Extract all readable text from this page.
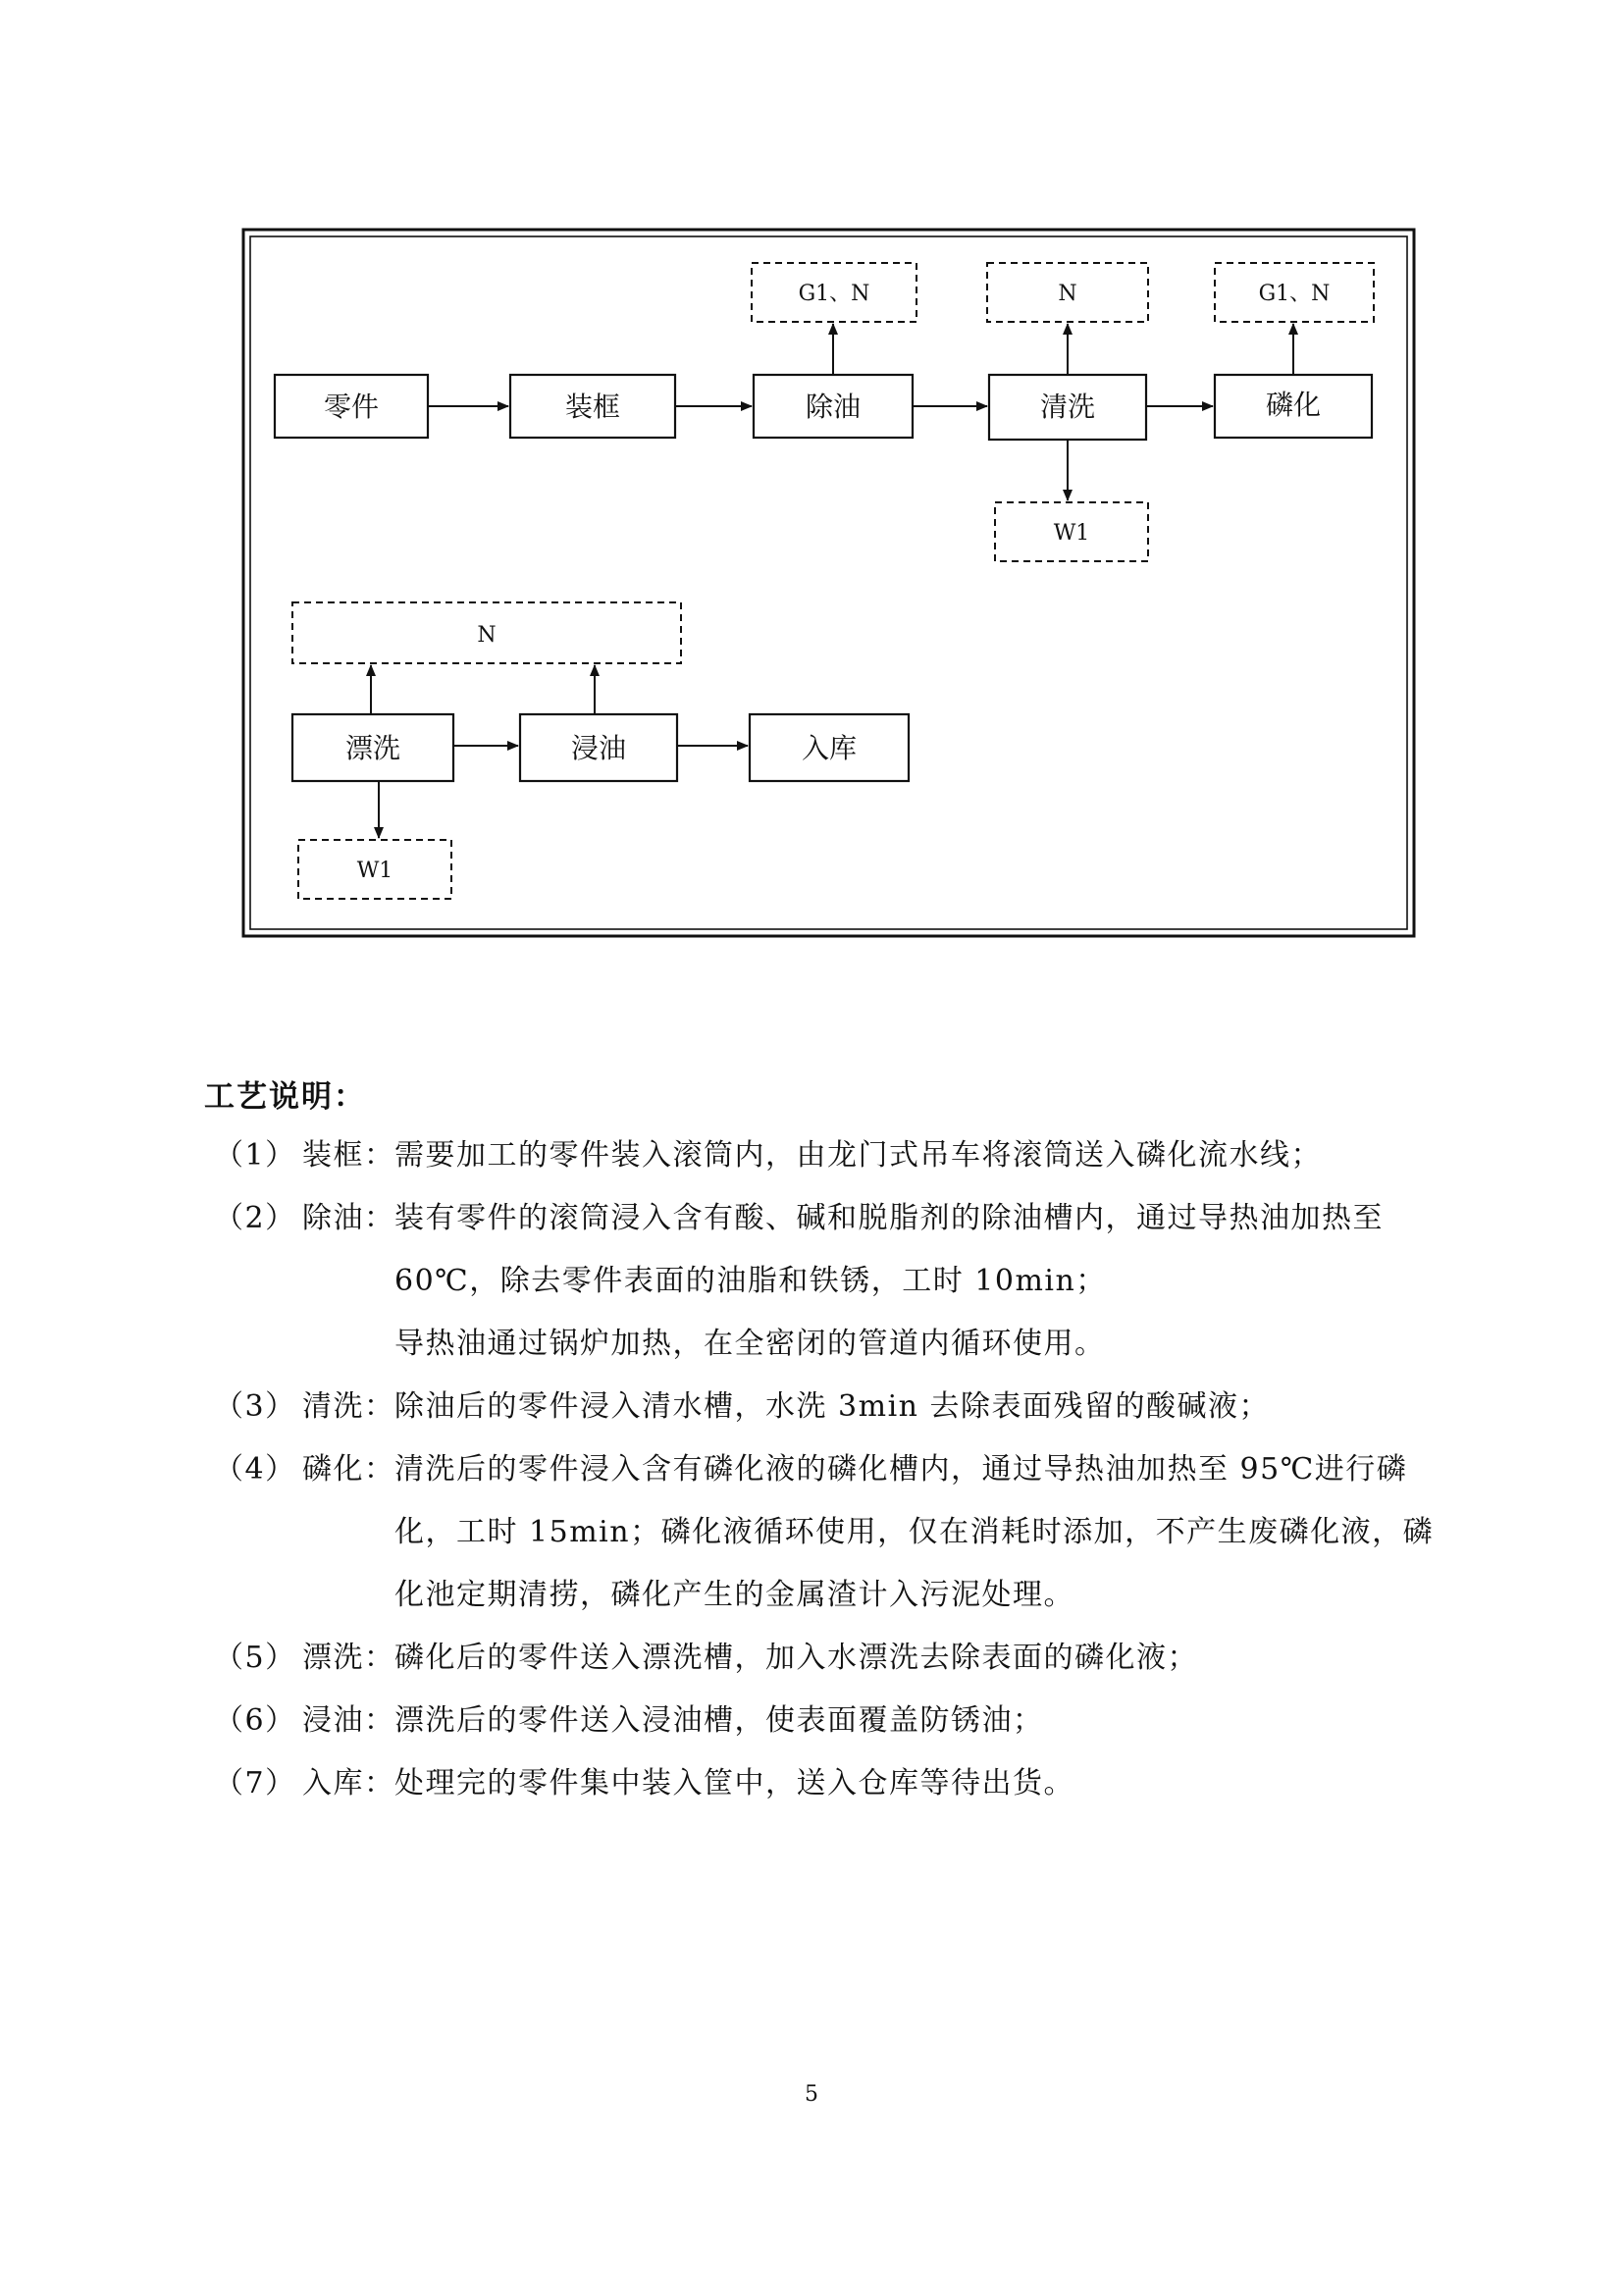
零件	装框	除油	清洗	磷化
G1、N	N	G1、N
W1
N
漂洗	浸油	入库
W1
工艺说明：
（1） 装框： 需要加工的零件装入滚筒内，由龙门式吊车将滚筒送入磷化流水线；
（2） 除油： 装有零件的滚筒浸入含有酸、碱和脱脂剂的除油槽内，通过导热油加热至
60℃，除去零件表面的油脂和铁锈，工时 10min；
导热油通过锅炉加热，在全密闭的管道内循环使用。
（3） 清洗： 除油后的零件浸入清水槽，水洗 3min 去除表面残留的酸碱液；
（4） 磷化： 清洗后的零件浸入含有磷化液的磷化槽内，通过导热油加热至 95℃进行磷
化，工时 15min；磷化液循环使用，仅在消耗时添加，不产生废磷化液，磷
化池定期清捞，磷化产生的金属渣计入污泥处理。
（5） 漂洗： 磷化后的零件送入漂洗槽，加入水漂洗去除表面的磷化液；
（6） 浸油： 漂洗后的零件送入浸油槽，使表面覆盖防锈油；
（7） 入库： 处理完的零件集中装入筐中，送入仓库等待出货。
5
